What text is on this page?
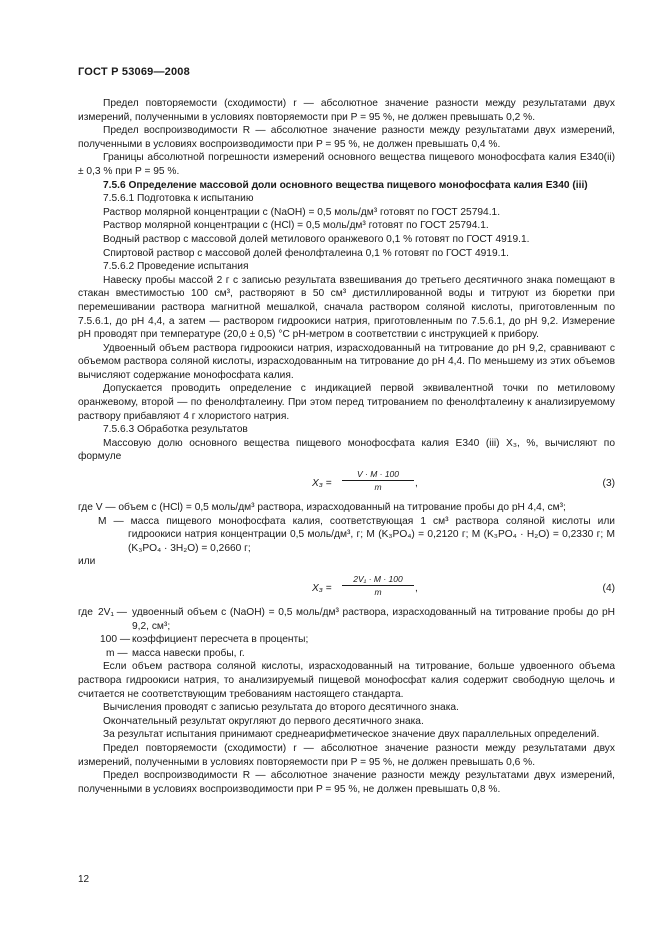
ГОСТ Р 53069—2008

Предел повторяемости (сходимости) r — абсолютное значение разности между результатами двух измерений, полученными в условиях повторяемости при P = 95 %, не должен превышать 0,2 %.

Предел воспроизводимости R — абсолютное значение разности между результатами двух измерений, полученными в условиях воспроизводимости при P = 95 %, не должен превышать 0,4 %.

Границы абсолютной погрешности измерений основного вещества пищевого монофосфата калия Е340(ii) ± 0,3 % при P = 95 %.

7.5.6 Определение массовой доли основного вещества пищевого монофосфата калия Е340 (iii)

7.5.6.1 Подготовка к испытанию

Раствор молярной концентрации с (NaOH) = 0,5 моль/дм³ готовят по ГОСТ 25794.1.

Раствор молярной концентрации с (HCl) = 0,5 моль/дм³ готовят по ГОСТ 25794.1.

Водный раствор с массовой долей метилового оранжевого 0,1 % готовят по ГОСТ 4919.1.

Спиртовой раствор с массовой долей фенолфталеина 0,1 % готовят по ГОСТ 4919.1.

7.5.6.2 Проведение испытания

Навеску пробы массой 2 г с записью результата взвешивания до третьего десятичного знака помещают в стакан вместимостью 100 см³, растворяют в 50 см³ дистиллированной воды и титруют из бюретки при перемешивании раствора магнитной мешалкой, сначала раствором соляной кислоты, приготовленным по 7.5.6.1, до рН 4,4, а затем — раствором гидроокиси натрия, приготовленным по 7.5.6.1, до рН 9,2. Измерение рН проводят при температуре (20,0 ± 0,5) °С рН-метром в соответствии с инструкцией к прибору.

Удвоенный объем раствора гидроокиси натрия, израсходованный на титрование до рН 9,2, сравнивают с объемом раствора соляной кислоты, израсходованным на титрование до рН 4,4. По меньшему из этих объемов вычисляют содержание монофосфата калия.

Допускается проводить определение с индикацией первой эквивалентной точки по метиловому оранжевому, второй — по фенолфталеину. При этом перед титрованием по фенолфталеину к анализируемому раствору прибавляют 4 г хлористого натрия.

7.5.6.3 Обработка результатов

Массовую долю основного вещества пищевого монофосфата калия Е340 (iii) X₃, %, вычисляют по формуле

$X_3 = \frac{V \cdot M \cdot 100}{m}$ ,	(3)

где V — объем с (HCl) = 0,5 моль/дм³ раствора, израсходованный на титрование пробы до рН 4,4, см³;

M — масса пищевого монофосфата калия, соответствующая 1 см³ раствора соляной кислоты или гидроокиси натрия концентрации 0,5 моль/дм³, г; M (K₃PO₄) = 0,2120 г; M (K₃PO₄ · H₂O) = 0,2330 г; M (K₃PO₄ · 3H₂O) = 0,2660 г;

или

$X_3 = \frac{\text{2V₁ · M · 100}}{m}$ ,	(4)
где 2V₁ — удвоенный объем с (NaOH) = 0,5 моль/дм³ раствора, израсходованный на титрование пробы до рН 9,2, см³;
100 — коэффициент пересчета в проценты;
m — масса навески пробы, г.

Если объем раствора соляной кислоты, израсходованный на титрование, больше удвоенного объема раствора гидроокиси натрия, то анализируемый пищевой монофосфат калия содержит свободную щелочь и считается не соответствующим требованиям настоящего стандарта.

Вычисления проводят с записью результата до второго десятичного знака.

Окончательный результат округляют до первого десятичного знака.

За результат испытания принимают среднеарифметическое значение двух параллельных определений.

Предел повторяемости (сходимости) r — абсолютное значение разности между результатами двух измерений, полученными в условиях повторяемости при P = 95 %, не должен превышать 0,6 %.

Предел воспроизводимости R — абсолютное значение разности между результатами двух измерений, полученными в условиях воспроизводимости при P = 95 %, не должен превышать 0,8 %.

12
